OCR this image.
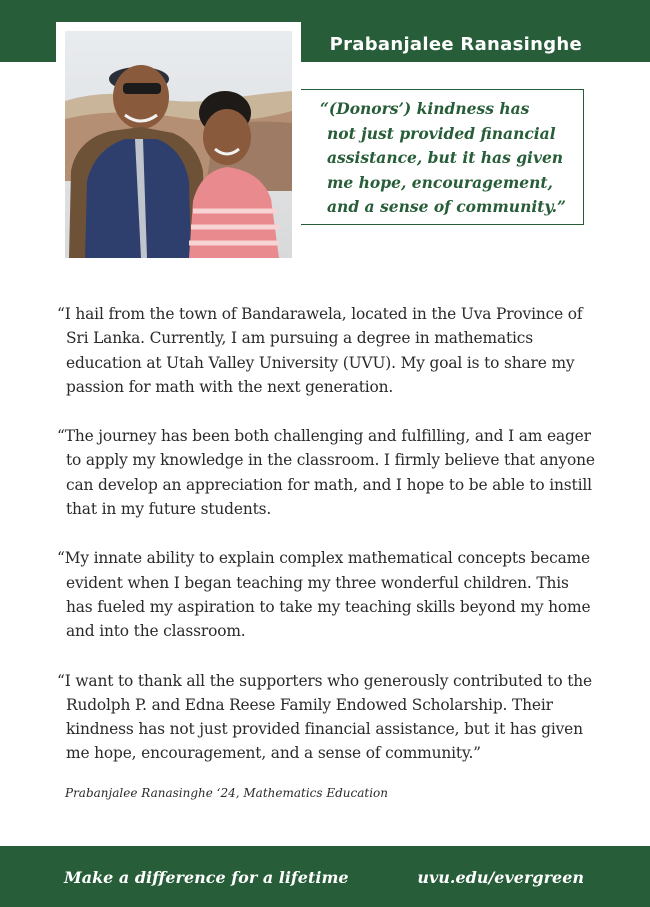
Prabanjalee Ranasinghe

“(Donors’) kindness has
not just provided financial
assistance, but it has given
me hope, encouragement,
and a sense of community.”

“I hail from the town of Bandarawela, located in the Uva Province of Sri Lanka. Currently, I am pursuing a degree in mathematics education at Utah Valley University (UVU). My goal is to share my passion for math with the next generation.

“The journey has been both challenging and fulfilling, and I am eager to apply my knowledge in the classroom. I firmly believe that anyone can develop an appreciation for math, and I hope to be able to instill that in my future students.

“My innate ability to explain complex mathematical concepts became evident when I began teaching my three wonderful children. This has fueled my aspiration to take my teaching skills beyond my home and into the classroom.

“I want to thank all the supporters who generously contributed to the Rudolph P. and Edna Reese Family Endowed Scholarship. Their kindness has not just provided financial assistance, but it has given me hope, encouragement, and a sense of community.”

Prabanjalee Ranasinghe ‘24, Mathematics Education
Make a difference for a lifetime	uvu.edu/evergreen
